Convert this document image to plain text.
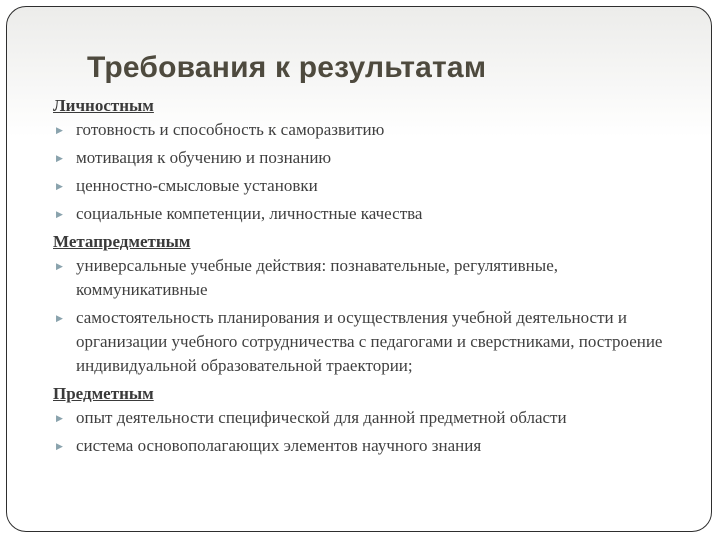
Требования к результатам
Личностным
▶ готовность и способность к саморазвитию
▶ мотивация к обучению и познанию
▶ ценностно-смысловые установки
▶ социальные компетенции, личностные качества
Метапредметным
▶ универсальные учебные действия: познавательные, регулятивные, коммуникативные
▶ самостоятельность планирования и осуществления учебной деятельности и организации учебного сотрудничества с педагогами и сверстниками, построение индивидуальной образовательной траектории;
Предметным
▶ опыт деятельности специфической для данной предметной области
▶ система основополагающих элементов научного знания
